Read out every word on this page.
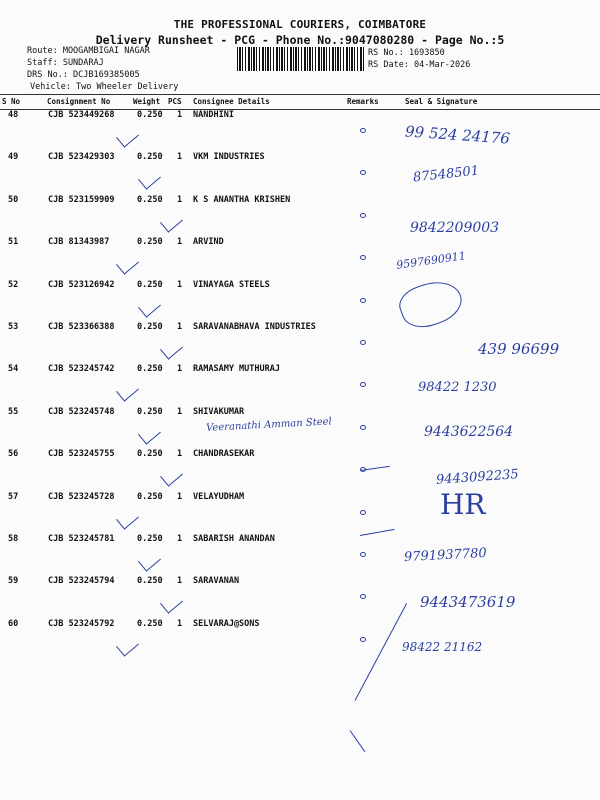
THE PROFESSIONAL COURIERS, COIMBATORE
Delivery Runsheet - PCG - Phone No.:9047080280 - Page No.:5
Route: MOOGAMBIGAI NAGAR
Staff: SUNDARAJ
DRS No.: DCJB169385005
Vehicle: Two Wheeler Delivery
RS No.: 1693850
RS Date: 04-Mar-2026
S No	Consignment No	Weight PCS Consignee Details	Remarks	Seal & Signature
48	CJB 523449268	0.250 1 NANDHINI
49	CJB 523429303	0.250 1 VKM INDUSTRIES
50	CJB 523159909	0.250 1 K S ANANTHA KRISHEN
51	CJB 81343987	0.250 1 ARVIND
52	CJB 523126942	0.250 1 VINAYAGA STEELS
53	CJB 523366388	0.250 1 SARAVANABHAVA INDUSTRIES
54	CJB 523245742	0.250 1 RAMASAMY MUTHURAJ
55	CJB 523245748	0.250 1 SHIVAKUMAR
56	CJB 523245755	0.250 1 CHANDRASEKAR
57	CJB 523245728	0.250 1 VELAYUDHAM
58	CJB 523245781	0.250 1 SABARISH ANANDAN
59	CJB 523245794	0.250 1 SARAVANAN
60	CJB 523245792	0.250 1 SELVARAJ@SONS
99 524 24176
87548501
9842209003
9597690911
439 96699
98422 1230
9443622564
Veeranathi Amman Steel
9443092235
HR
9791937780
9443473619
98422 21162
